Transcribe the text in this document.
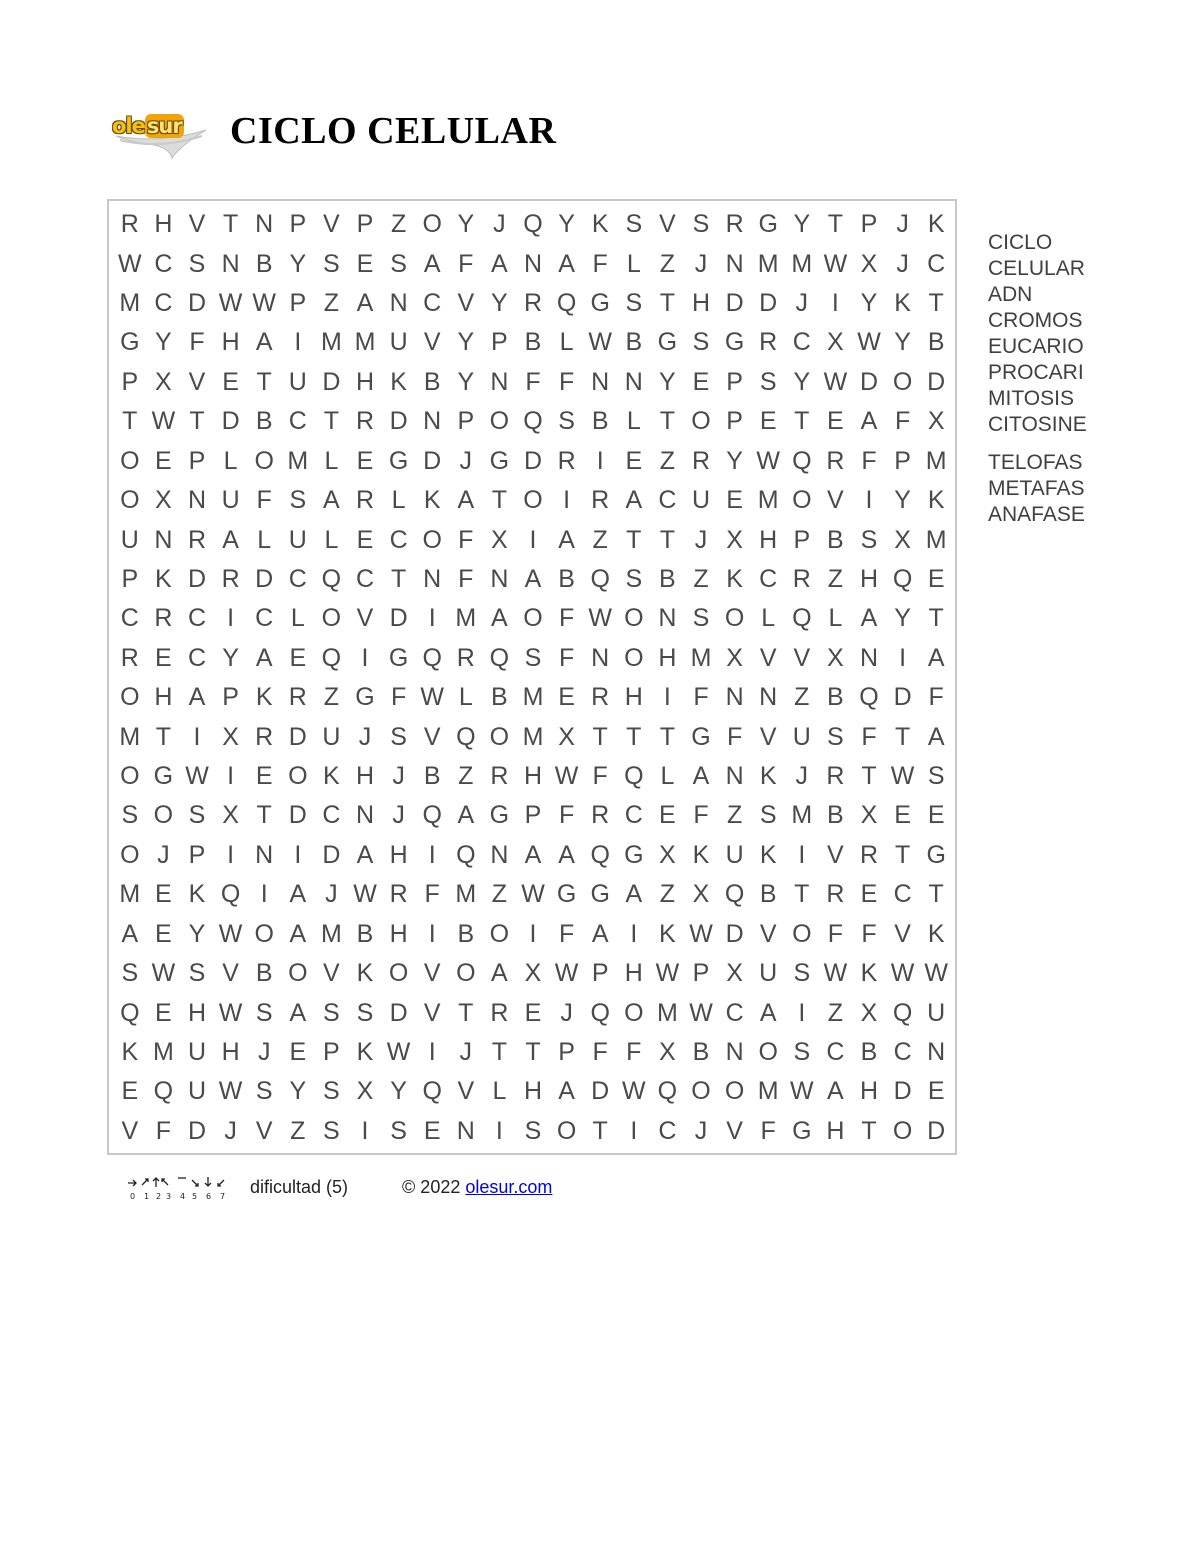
olesur CICLO CELULAR
R H V T N P V P Z O Y J Q Y K S V S R G Y T P J K
W C S N B Y S E S A F A N A F L Z J N M M W X J C
M C D W W P Z A N C V Y R Q G S T H D D J I Y K T
G Y F H A I M M U V Y P B L W B G S G R C X W Y B
P X V E T U D H K B Y N F F N N Y E P S Y W D O D
T W T D B C T R D N P O Q S B L T O P E T E A F X
O E P L O M L E G D J G D R I E Z R Y W Q R F P M
O X N U F S A R L K A T O I R A C U E M O V I Y K
U N R A L U L E C O F X I A Z T T J X H P B S X M
P K D R D C Q C T N F N A B Q S B Z K C R Z H Q E
C R C I C L O V D I M A O F W O N S O L Q L A Y T
R E C Y A E Q I G Q R Q S F N O H M X V V X N I A
O H A P K R Z G F W L B M E R H I F N N Z B Q D F
M T I X R D U J S V Q O M X T T T G F V U S F T A
O G W I E O K H J B Z R H W F Q L A N K J R T W S
S O S X T D C N J Q A G P F R C E F Z S M B X E E
O J P I N I D A H I Q N A A Q G X K U K I V R T G
M E K Q I A J W R F M Z W G G A Z X Q B T R E C T
A E Y W O A M B H I B O I F A I K W D V O F F V K
S W S V B O V K O V O A X W P H W P X U S W K W W
Q E H W S A S S D V T R E J Q O M W C A I Z X Q U
K M U H J E P K W I J T T P F F X B N O S C B C N
E Q U W S Y S X Y Q V L H A D W Q O O M W A H D E
V F D J V Z S I S E N I S O T I C J V F G H T O D
CICLO
CELULAR
ADN
CROMOS
EUCARIO
PROCARI
MITOSIS
CITOSINE
TELOFAS
METAFAS
ANAFASE
0 1 2 3 4 5 6 7 dificultad (5)	© 2022 olesur.com
